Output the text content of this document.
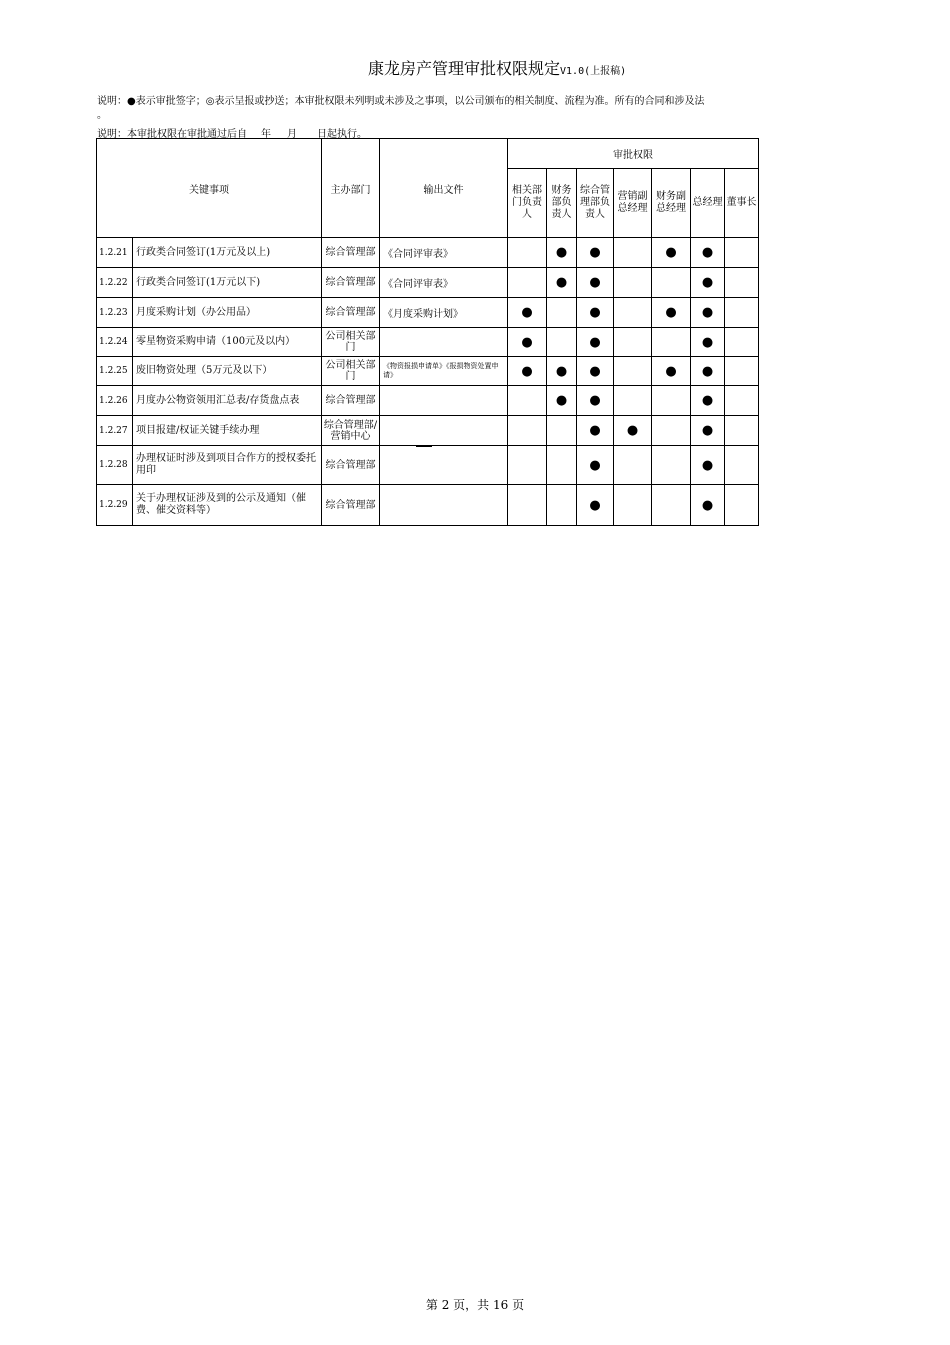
康龙房产管理审批权限规定V1.0(上报稿)
说明：●表示审批签字；◎表示呈报或抄送；本审批权限未列明或未涉及之事项，以公司颁布的相关制度、流程为准。所有的合同和涉及法
。
说明：本审批权限在审批通过后自 年 月 日起执行。
关键事项		主办部门	输出文件	审批权限						
				相关部门负责人	财务部负责人	综合管理部负责人	营销副总经理	财务副总经理	总经理	董事长
1.2.21	行政类合同签订(1万元及以上)	综合管理部	《合同评审表》		●	●		●	●	
1.2.22	行政类合同签订(1万元以下)	综合管理部	《合同评审表》		●	●			●	
1.2.23	月度采购计划（办公用品）	综合管理部	《月度采购计划》	●		●		●	●	
1.2.24	零星物资采购申请（100元及以内）	公司相关部门		●		●			●	
1.2.25	废旧物资处理（5万元及以下）	公司相关部门	《物资报损申请单》《报损物资处置申请》	●	●	●		●	●	
1.2.26	月度办公物资领用汇总表/存货盘点表	综合管理部			●	●			●	
1.2.27	项目报建/权证关键手续办理	综合管理部/营销中心				●	●		●	
1.2.28	办理权证时涉及到项目合作方的授权委托用印	综合管理部				●			●	
1.2.29	关于办理权证涉及到的公示及通知（催费、催交资料等）	综合管理部				●			●	
第 2 页，共 16 页
